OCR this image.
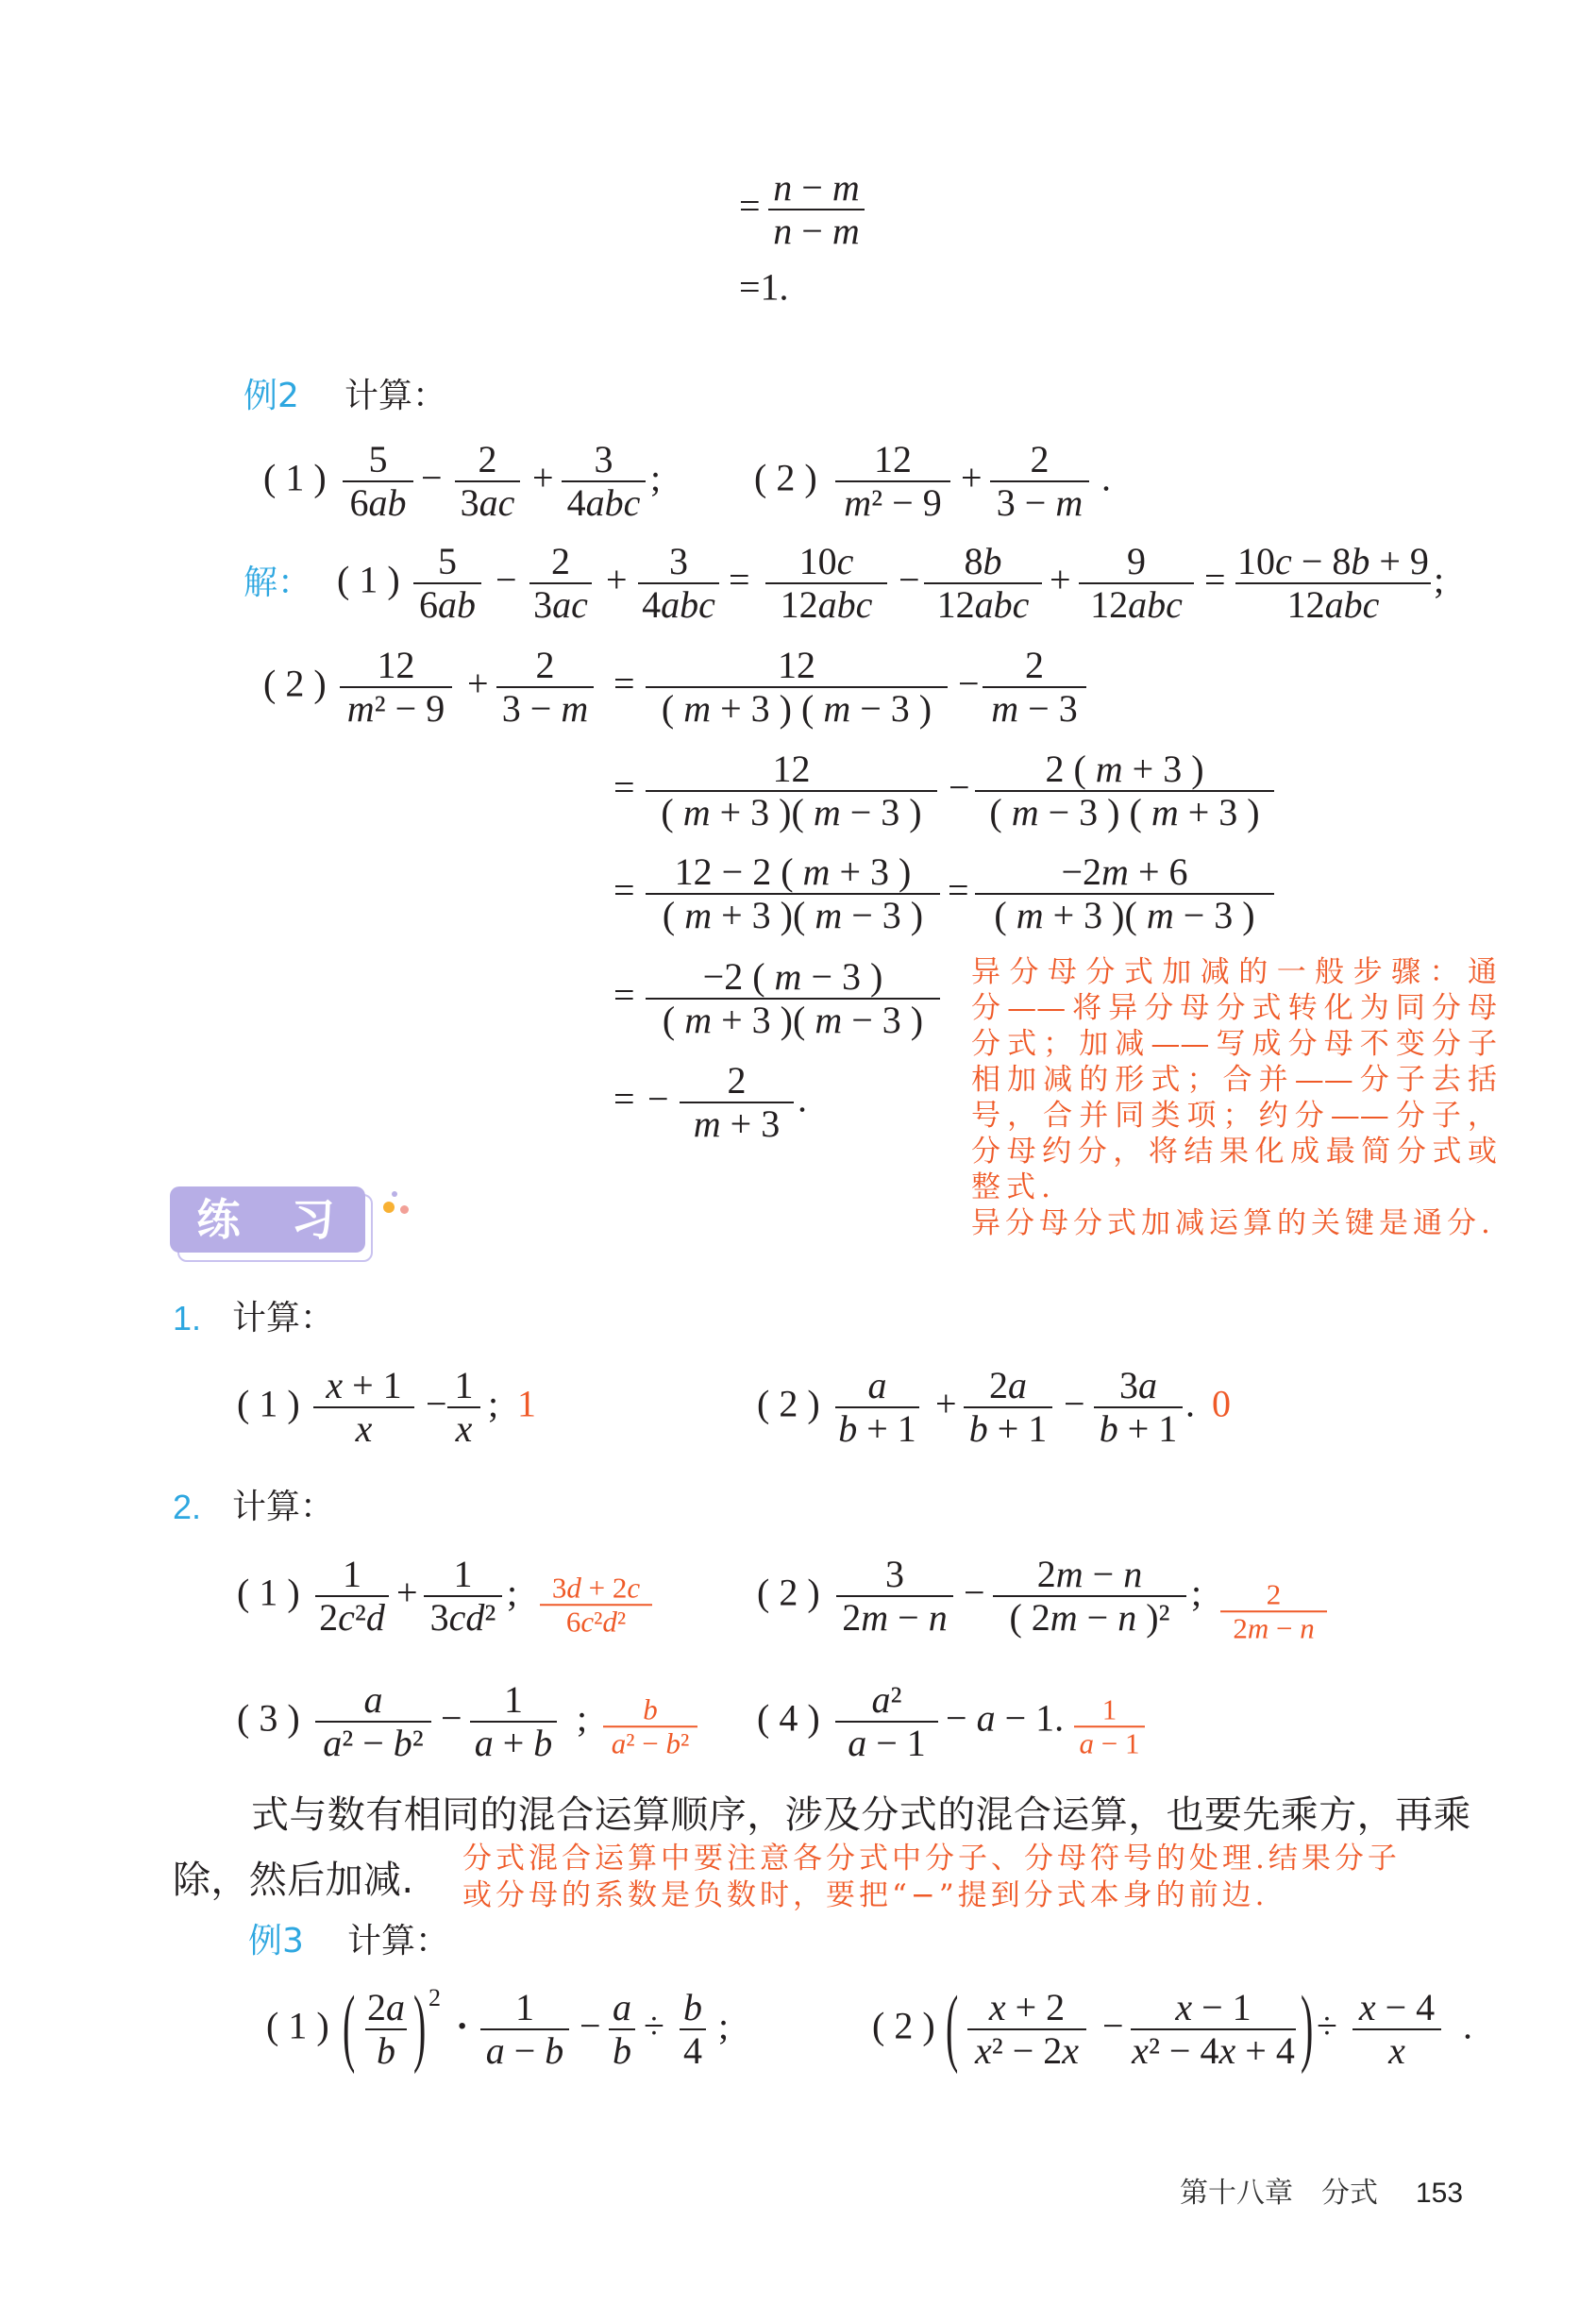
= n − m
n − m
=1.
例2 计算：
( 1 ) 5
6ab
− 2
3ac
+ 3
4abc
; ( 2 ) 12
m² − 9
+ 2
3 − m
.
解： ( 1 ) 5
6ab
− 2
3ac
+ 3
4abc
= 10c
12abc
− 8b
12abc
+ 9
12abc
= 10c − 8b + 9
12abc
;
( 2 ) 12
m² − 9
+ 2
3 − m
=	12
( m + 3 ) ( m − 3 )
− 2
m − 3
=	12
( m + 3 )( m − 3 )
− 2 ( m + 3 )
( m − 3 ) ( m + 3 )
= 12 − 2 ( m + 3 )
( m + 3 )( m − 3 )
= −2m + 6
( m + 3 )( m − 3 )
= −2 ( m − 3 )
( m + 3 )( m − 3 )
= − 2
m + 3
.
异分母分式加减的一般步骤：通
分——将异分母分式转化为同分母
分式；加减——写成分母不变分子
相加减的形式；合并——分子去括
号，合并同类项；约分——分子，
分母约分，将结果化成最简分式或
整式.
异分母分式加减运算的关键是通分.
练　习
1. 计算：
( 1 ) x + 1
x
− 1
x
; 1	( 2 ) a
b + 1
+ 2a
b + 1
− 3a
b + 1
. 0
2. 计算：
( 1 ) 1
2c²d
+ 1
3cd²
; 3d + 2c
6c²d²
( 2 ) 3
2m − n
− 2m − n
( 2m − n )²
; 2
2m − n
( 3 ) a
a² − b²
− 1
a + b
; b
a² − b²
( 4 ) a²
a − 1
− a − 1. 1
a − 1
式与数有相同的混合运算顺序，涉及分式的混合运算，也要先乘方，再乘
除，然后加减. 分式混合运算中要注意各分式中分子、分母符号的处理.结果分子
或分母的系数是负数时，要把“−”提到分式本身的前边.
例3 计算：
( 1 ) ( 2a
b ) 2
· 1
a − b
− a
b
÷ b
4
;	( 2 ) ( x + 2
x² − 2x
− x − 1
x² − 4x + 4 ) ÷ x − 4
x
.
第十八章　分式 153
